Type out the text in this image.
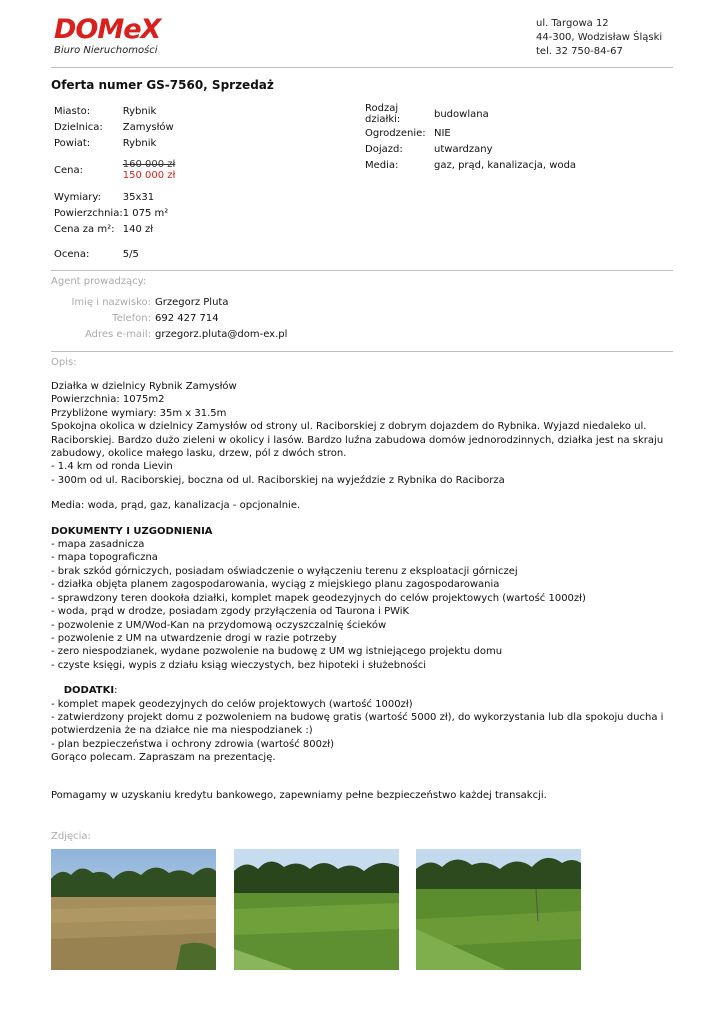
DOMeX
Biuro Nieruchomości
ul. Targowa 12
44-300, Wodzisław Śląski
tel. 32 750-84-67
Oferta numer GS-7560, Sprzedaż
Miasto:	Rybnik
Dzielnica:	Zamysłów
Powiat:	Rybnik
Cena:	160 000 zł
150 000 zł

Wymiary:	35x31
Powierzchnia:	1 075 m²
Cena za m²:	140 zł

Ocena:	5/5
Rodzaj działki:	budowlana
Ogrodzenie:	NIE
Dojazd:	utwardzany
Media:	gaz, prąd, kanalizacja, woda
Agent prowadzący:
Imię i nazwisko:	Grzegorz Pluta
Telefon:	692 427 714
Adres e-mail:	grzegorz.pluta@dom-ex.pl
Opis:

Działka w dzielnicy Rybnik Zamysłów

Powierzchnia: 1075m2

Przybliżone wymiary: 35m x 31.5m

Spokojna okolica w dzielnicy Zamysłów od strony ul. Raciborskiej z dobrym dojazdem do Rybnika. Wyjazd niedaleko ul. Raciborskiej. Bardzo dużo zieleni w okolicy i lasów. Bardzo luźna zabudowa domów jednorodzinnych, działka jest na skraju zabudowy, okolice małego lasku, drzew, pól z dwóch stron.

- 1.4 km od ronda Lievin

- 300m od ul. Raciborskiej, boczna od ul. Raciborskiej na wyjeździe z Rybnika do Raciborza

Media: woda, prąd, gaz, kanalizacja - opcjonalnie.

DOKUMENTY I UZGODNIENIA

- mapa zasadnicza

- mapa topograficzna

- brak szkód górniczych, posiadam oświadczenie o wyłączeniu terenu z eksploatacji górniczej

- działka objęta planem zagospodarowania, wyciąg z miejskiego planu zagospodarowania

- sprawdzony teren dookoła działki, komplet mapek geodezyjnych do celów projektowych (wartość 1000zł)

- woda, prąd w drodze, posiadam zgody przyłączenia od Taurona i PWiK

- pozwolenie z UM/Wod-Kan na przydomową oczyszczalnię ścieków

- pozwolenie z UM na utwardzenie drogi w razie potrzeby

- zero niespodzianek, wydane pozwolenie na budowę z UM wg istniejącego projektu domu

- czyste księgi, wypis z działu ksiąg wieczystych, bez hipoteki i służebności

DODATKI:

- komplet mapek geodezyjnych do celów projektowych (wartość 1000zł)

- zatwierdzony projekt domu z pozwoleniem na budowę gratis (wartość 5000 zł), do wykorzystania lub dla spokoju ducha i potwierdzenia że na działce nie ma niespodzianek :)

- plan bezpieczeństwa i ochrony zdrowia (wartość 800zł)

Gorąco polecam. Zapraszam na prezentację.

Pomagamy w uzyskaniu kredytu bankowego, zapewniamy pełne bezpieczeństwo każdej transakcji.

Zdjęcia:
